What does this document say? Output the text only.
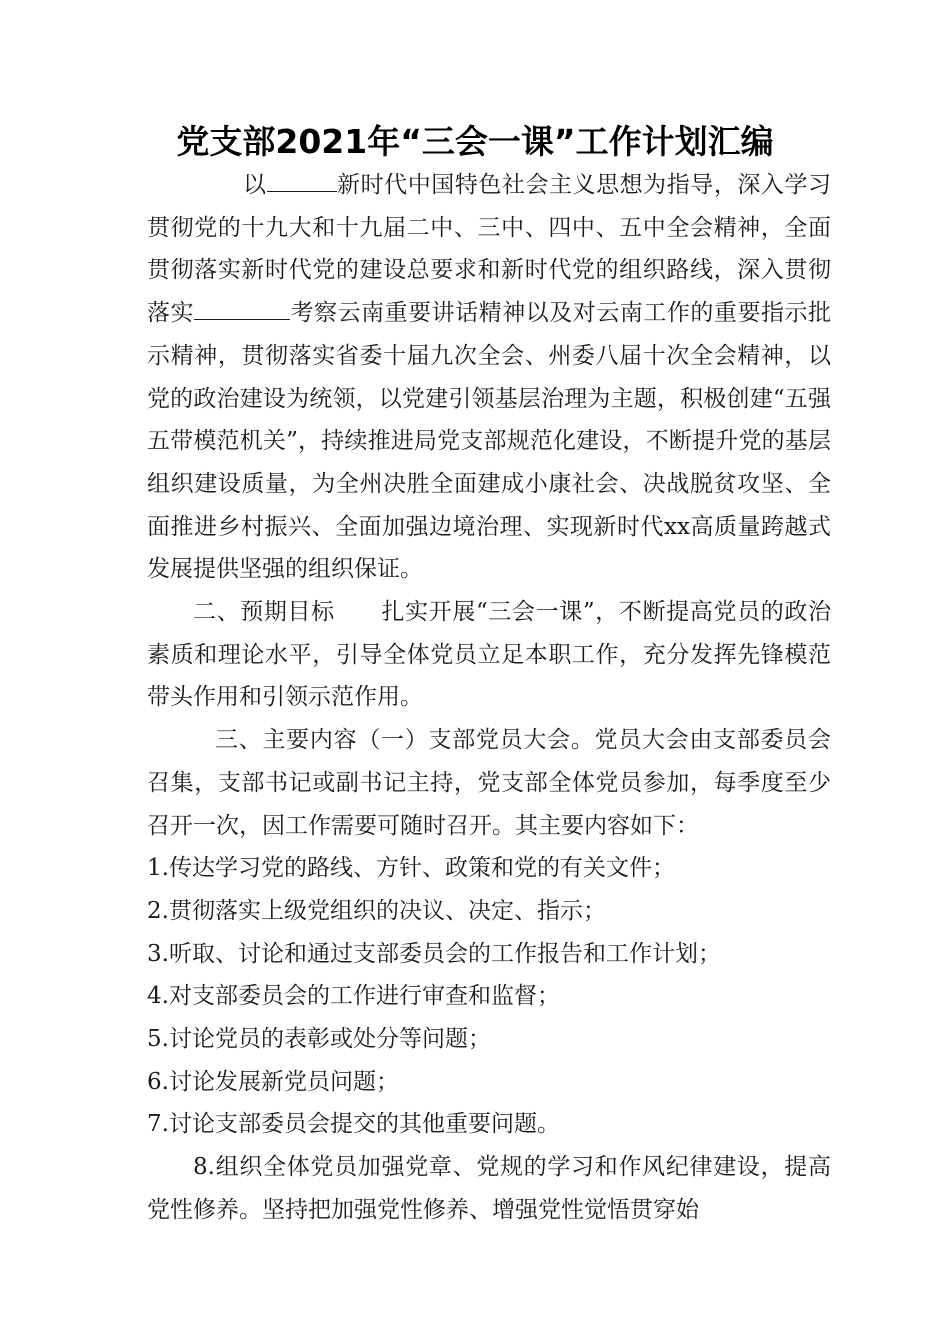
党支部2021年“三会一课”工作计划汇编

以	新时代中国特色社会主义思想为指导，深入学习贯彻党的十九大和十九届二中、三中、四中、五中全会精神，全面贯彻落实新时代党的建设总要求和新时代党的组织路线，深入贯彻落实	考察云南重要讲话精神以及对云南工作的重要指示批示精神，贯彻落实省委十届九次全会、州委八届十次全会精神，以党的政治建设为统领，以党建引领基层治理为主题，积极创建“五强五带模范机关”，持续推进局党支部规范化建设，不断提升党的基层组织建设质量，为全州决胜全面建成小康社会、决战脱贫攻坚、全面推进乡村振兴、全面加强边境治理、实现新时代xx高质量跨越式发展提供坚强的组织保证。

二、预期目标 扎实开展“三会一课”，不断提高党员的政治素质和理论水平，引导全体党员立足本职工作，充分发挥先锋模范带头作用和引领示范作用。

三、主要内容（一）支部党员大会。党员大会由支部委员会召集，支部书记或副书记主持，党支部全体党员参加，每季度至少召开一次，因工作需要可随时召开。其主要内容如下：

1.传达学习党的路线、方针、政策和党的有关文件；

2.贯彻落实上级党组织的决议、决定、指示；

3.听取、讨论和通过支部委员会的工作报告和工作计划；

4.对支部委员会的工作进行审查和监督；

5.讨论党员的表彰或处分等问题；

6.讨论发展新党员问题；

7.讨论支部委员会提交的其他重要问题。

8.组织全体党员加强党章、党规的学习和作风纪律建设，提高党性修养。坚持把加强党性修养、增强党性觉悟贯穿始
